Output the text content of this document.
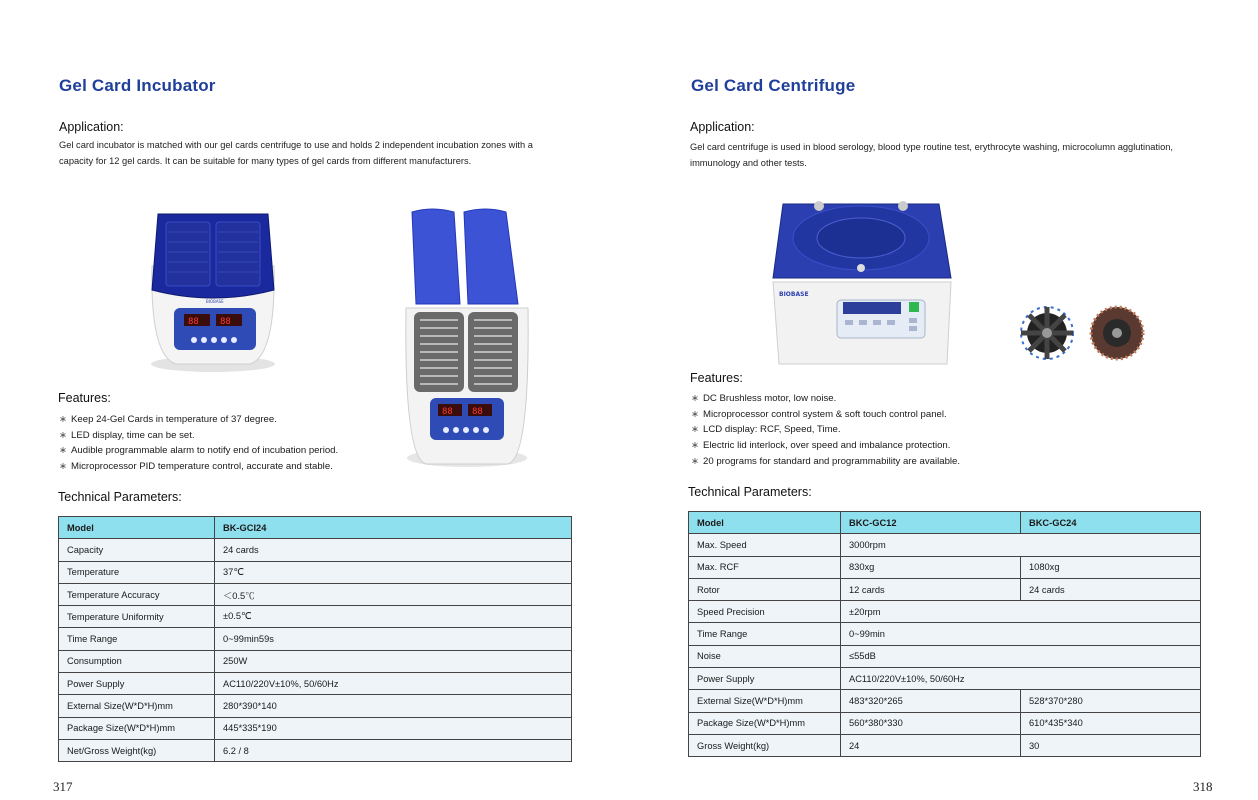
Gel Card Incubator
Application:
Gel card incubator is matched with our gel cards centrifuge to use and holds 2 independent incubation zones with a capacity for 12 gel cards. It can be suitable for many types of gel cards from different manufacturers.
88 88
BIOBASE
88 88
Features:
∗ Keep 24-Gel Cards in temperature of 37 degree.
∗ LED display, time can be set.
∗ Audible programmable alarm to notify end of incubation period.
∗ Microprocessor PID temperature control, accurate and stable.
Technical Parameters:
Model	BK-GCI24
Capacity	24 cards
Temperature	37℃
Temperature Accuracy	＜0.5℃
Temperature Uniformity	±0.5℃
Time Range	0~99min59s
Consumption	250W
Power Supply	AC110/220V±10%, 50/60Hz
External Size(W*D*H)mm	280*390*140
Package Size(W*D*H)mm	445*335*190
Net/Gross Weight(kg)	6.2 / 8
317
Gel Card Centrifuge
Application:
Gel card centrifuge is used in blood serology, blood type routine test, erythrocyte washing, microcolumn agglutination, immunology and other tests.
BIOBASE
Features:
∗ DC Brushless motor, low noise.
∗ Microprocessor control system & soft touch control panel.
∗ LCD display: RCF, Speed, Time.
∗ Electric lid interlock, over speed and imbalance protection.
∗ 20 programs for standard and programmability are available.
Technical Parameters:
Model	BKC-GC12	BKC-GC24
Max. Speed	3000rpm	
Max. RCF	830xg	1080xg
Rotor	12 cards	24 cards
Speed Precision	±20rpm	
Time Range	0~99min	
Noise	≤55dB	
Power Supply	AC110/220V±10%, 50/60Hz	
External Size(W*D*H)mm	483*320*265	528*370*280
Package Size(W*D*H)mm	560*380*330	610*435*340
Gross Weight(kg)	24	30
318
